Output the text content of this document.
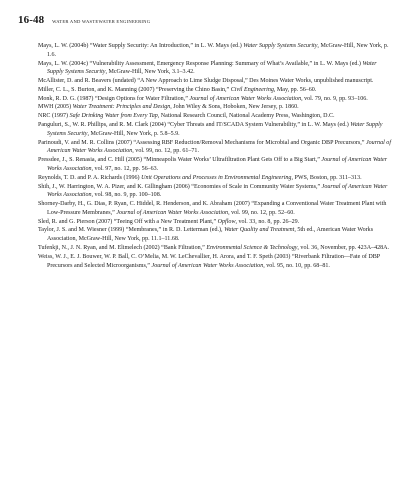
16-48 WATER AND WASTEWATER ENGINEERING
Mays, L. W. (2004b) “Water Supply Security: An Introduction,” in L. W. Mays (ed.) Water Supply Systems Security, McGraw-Hill, New York, p. 1.6.
Mays, L. W. (2004c) “Vulnerability Assessment, Emergency Response Planning: Summary of What’s Available,” in L. W. Mays (ed.) Water Supply Systems Security, McGraw-Hill, New York, 3.1–3.42.
McAllister, D. and R. Beavers (undated) “A New Approach to Lime Sludge Disposal,” Des Moines Water Works, unpublished manuscript.
Miller, C. L., S. Burton, and K. Manning (2007) “Preserving the Chino Basin,” Civil Engineering, May, pp. 56–60.
Monk, R. D. G. (1987) “Design Options for Water Filtration,” Journal of American Water Works Association, vol. 79, no. 9, pp. 93–106.
MWH (2005) Water Treatment: Principles and Design, John Wiley & Sons, Hoboken, New Jersey, p. 1860.
NRC (1997) Safe Drinking Water from Every Tap, National Research Council, National Academy Press, Washington, D.C.
Panguluri, S., W. R. Phillips, and R. M. Clark (2004) “Cyber Threats and IT/SCADA System Vulnerability,” in L. W. Mays (ed.) Water Supply Systems Security, McGraw-Hill, New York, p. 5.8–5.9.
Parinoudi, V. and M. R. Collins (2007) “Assessing RBF Reduction/Removal Mechanisms for Microbial and Organic DBP Precursors,” Journal of American Water Works Association, vol. 99, no. 12, pp. 61–71.
Pressdee, J., S. Renasia, and C. Hill (2005) “Minneapolis Water Works’ Ultrafiltration Plant Gets Off to a Big Start,” Journal of American Water Works Association, vol. 97, no. 12, pp. 56–63.
Reynolds, T. D. and P. A. Richards (1996) Unit Operations and Processes in Environmental Engineering, PWS, Boston, pp. 311–313.
Shih, J., W. Harrington, W. A. Pizer, and K. Gillingham (2006) “Economies of Scale in Community Water Systems,” Journal of American Water Works Association, vol. 98, no. 9, pp. 100–108.
Shorney-Darby, H., G. Dias, P. Ryan, C. Hiddel, R. Henderson, and K. Abraham (2007) “Expanding a Conventional Water Treatment Plant with Low-Pressure Membranes,” Journal of American Water Works Association, vol. 99, no. 12, pp. 52–60.
Sled, R. and G. Pierson (2007) “Teeing Off with a New Treatment Plant,” Opflow, vol. 33, no. 8, pp. 26–29.
Taylor, J. S. and M. Wiesner (1999) “Membranes,” in R. D. Letterman (ed.), Water Quality and Treatment, 5th ed., American Water Works Association, McGraw-Hill, New York, pp. 11.1–11.68.
Tufenkji, N., J. N. Ryan, and M. Elimelech (2002) “Bank Filtration,” Environmental Science & Technology, vol. 36, November, pp. 423A–428A.
Weiss, W. J., E. J. Bouwer, W. P. Ball, C. O’Melia, M. W. LeChevallier, H. Arora, and T. F. Speth (2003) “Riverbank Filtration—Fate of DBP Precursors and Selected Microorganisms,” Journal of American Water Works Association, vol. 95, no. 10, pp. 68–81.
